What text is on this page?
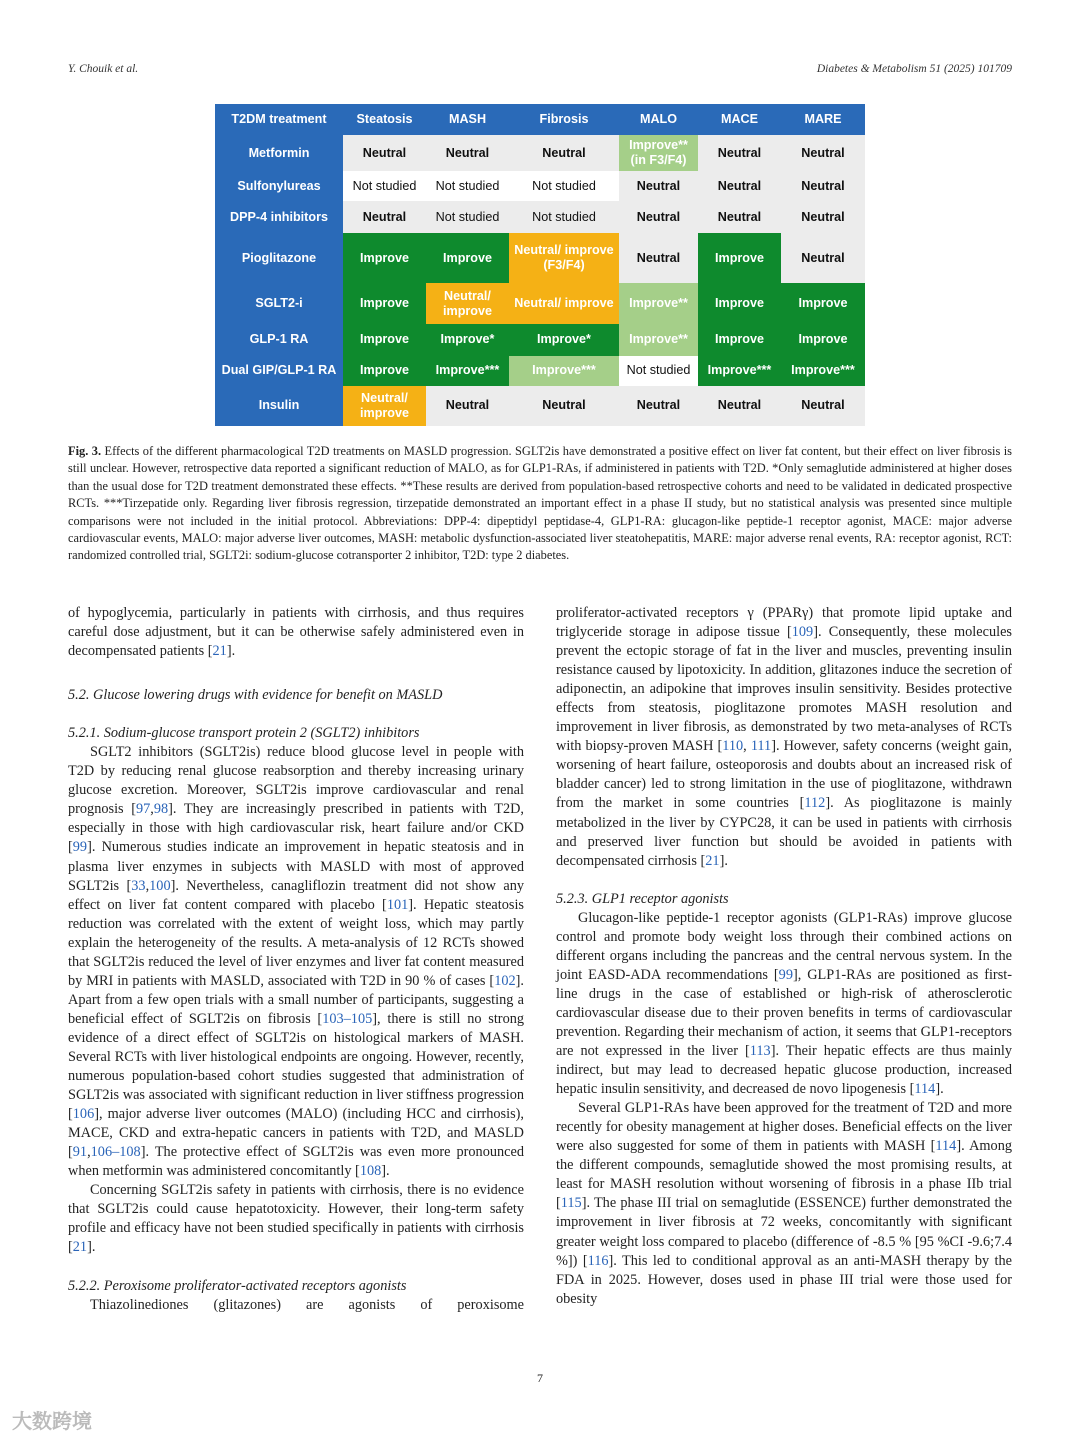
Y. Chouik et al.	Diabetes & Metabolism 51 (2025) 101709
T2DM treatment	Steatosis	MASH	Fibrosis	MALO	MACE	MARE
Metformin	Neutral	Neutral	Neutral	Improve** (in F3/F4)	Neutral	Neutral
Sulfonylureas	Not studied	Not studied	Not studied	Neutral	Neutral	Neutral
DPP-4 inhibitors	Neutral	Not studied	Not studied	Neutral	Neutral	Neutral
Pioglitazone	Improve	Improve	Neutral/ improve (F3/F4)	Neutral	Improve	Neutral
SGLT2-i	Improve	Neutral/ improve	Neutral/ improve	Improve**	Improve	Improve
GLP-1 RA	Improve	Improve*	Improve*	Improve**	Improve	Improve
Dual GIP/GLP-1 RA	Improve	Improve***	Improve***	Not studied	Improve***	Improve***
Insulin	Neutral/ improve	Neutral	Neutral	Neutral	Neutral	Neutral
Fig. 3. Effects of the different pharmacological T2D treatments on MASLD progression. SGLT2is have demonstrated a positive effect on liver fat content, but their effect on liver fibrosis is still unclear. However, retrospective data reported a significant reduction of MALO, as for GLP1-RAs, if administered in patients with T2D. *Only semaglutide administered at higher doses than the usual dose for T2D treatment demonstrated these effects. **These results are derived from population-based retrospective cohorts and need to be validated in dedicated prospective RCTs. ***Tirzepatide only. Regarding liver fibrosis regression, tirzepatide demonstrated an important effect in a phase II study, but no statistical analysis was presented since multiple comparisons were not included in the initial protocol. Abbreviations: DPP-4: dipeptidyl peptidase-4, GLP1-RA: glucagon-like peptide-1 receptor agonist, MACE: major adverse cardiovascular events, MALO: major adverse liver outcomes, MASH: metabolic dysfunction-associated liver steatohepatitis, MARE: major adverse renal events, RA: receptor agonist, RCT: randomized controlled trial, SGLT2i: sodium-glucose cotransporter 2 inhibitor, T2D: type 2 diabetes.

of hypoglycemia, particularly in patients with cirrhosis, and thus requires careful dose adjustment, but it can be otherwise safely administered even in decompensated patients [21].

5.2. Glucose lowering drugs with evidence for benefit on MASLD
5.2.1. Sodium-glucose transport protein 2 (SGLT2) inhibitors

SGLT2 inhibitors (SGLT2is) reduce blood glucose level in people with T2D by reducing renal glucose reabsorption and thereby increasing urinary glucose excretion. Moreover, SGLT2is improve cardiovascular and renal prognosis [97,98]. They are increasingly prescribed in patients with T2D, especially in those with high cardiovascular risk, heart failure and/or CKD [99]. Numerous studies indicate an improvement in hepatic steatosis and in plasma liver enzymes in subjects with MASLD with most of approved SGLT2is [33,100]. Nevertheless, canagliflozin treatment did not show any effect on liver fat content compared with placebo [101]. Hepatic steatosis reduction was correlated with the extent of weight loss, which may partly explain the heterogeneity of the results. A meta-analysis of 12 RCTs showed that SGLT2is reduced the level of liver enzymes and liver fat content measured by MRI in patients with MASLD, associated with T2D in 90 % of cases [102]. Apart from a few open trials with a small number of participants, suggesting a beneficial effect of SGLT2is on fibrosis [103–105], there is still no strong evidence of a direct effect of SGLT2is on histological markers of MASH. Several RCTs with liver histological endpoints are ongoing. However, recently, numerous population-based cohort studies suggested that administration of SGLT2is was associated with significant reduction in liver stiffness progression [106], major adverse liver outcomes (MALO) (including HCC and cirrhosis), MACE, CKD and extra-hepatic cancers in patients with T2D, and MASLD [91,106–108]. The protective effect of SGLT2is was even more pronounced when metformin was administered concomitantly [108].

Concerning SGLT2is safety in patients with cirrhosis, there is no evidence that SGLT2is could cause hepatotoxicity. However, their long-term safety profile and efficacy have not been studied specifically in patients with cirrhosis [21].

5.2.2. Peroxisome proliferator-activated receptors agonists

Thiazolinediones (glitazones) are agonists of peroxisome

proliferator-activated receptors γ (PPARγ) that promote lipid uptake and triglyceride storage in adipose tissue [109]. Consequently, these molecules prevent the ectopic storage of fat in the liver and muscles, preventing insulin resistance caused by lipotoxicity. In addition, glitazones induce the secretion of adiponectin, an adipokine that improves insulin sensitivity. Besides protective effects from steatosis, pioglitazone promotes MASH resolution and improvement in liver fibrosis, as demonstrated by two meta-analyses of RCTs with biopsy-proven MASH [110, 111]. However, safety concerns (weight gain, worsening of heart failure, osteoporosis and doubts about an increased risk of bladder cancer) led to strong limitation in the use of pioglitazone, withdrawn from the market in some countries [112]. As pioglitazone is mainly metabolized in the liver by CYPC28, it can be used in patients with cirrhosis and preserved liver function but should be avoided in patients with decompensated cirrhosis [21].

5.2.3. GLP1 receptor agonists

Glucagon-like peptide-1 receptor agonists (GLP1-RAs) improve glucose control and promote body weight loss through their combined actions on different organs including the pancreas and the central nervous system. In the joint EASD-ADA recommendations [99], GLP1-RAs are positioned as first-line drugs in the case of established or high-risk of atherosclerotic cardiovascular disease due to their proven benefits in terms of cardiovascular prevention. Regarding their mechanism of action, it seems that GLP1-receptors are not expressed in the liver [113]. Their hepatic effects are thus mainly indirect, but may lead to decreased hepatic glucose production, increased hepatic insulin sensitivity, and decreased de novo lipogenesis [114].

Several GLP1-RAs have been approved for the treatment of T2D and more recently for obesity management at higher doses. Beneficial effects on the liver were also suggested for some of them in patients with MASH [114]. Among the different compounds, semaglutide showed the most promising results, at least for MASH resolution without worsening of fibrosis in a phase IIb trial [115]. The phase III trial on semaglutide (ESSENCE) further demonstrated the improvement in liver fibrosis at 72 weeks, concomitantly with significant greater weight loss compared to placebo (difference of -8.5 % [95 %CI -9.6;7.4 %]) [116]. This led to conditional approval as an anti-MASH therapy by the FDA in 2025. However, doses used in phase III trial were those used for obesity

7
大数跨境
